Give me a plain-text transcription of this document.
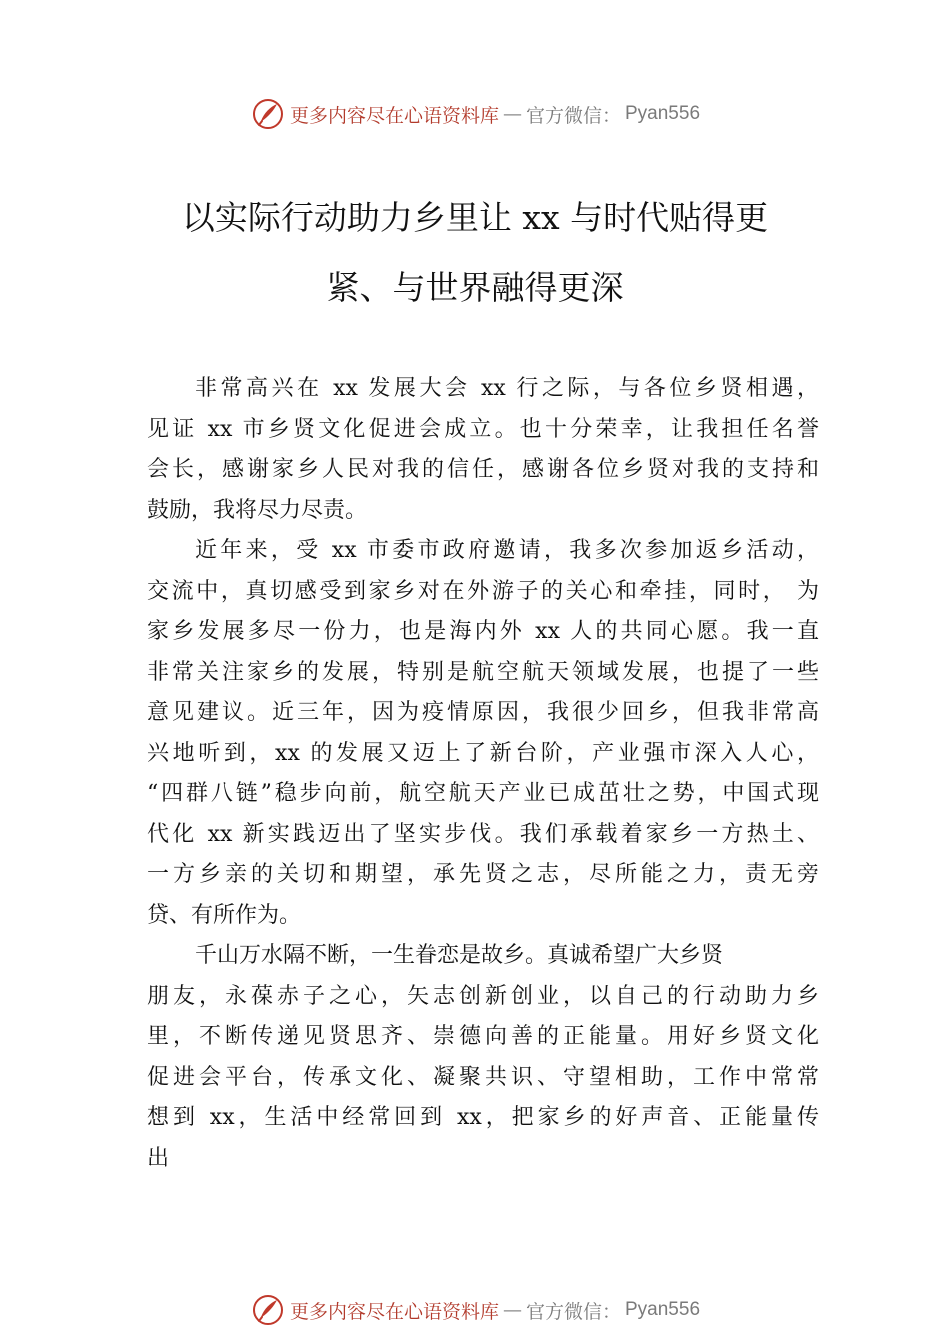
更多内容尽在心语资料库 — 官方微信： Pyan556
以实际行动助力乡里让 xx 与时代贴得更
紧、与世界融得更深
非常高兴在 xx 发展大会 xx 行之际，与各位乡贤相遇，
见证 xx 市乡贤文化促进会成立。也十分荣幸，让我担任名誉
会长，感谢家乡人民对我的信任，感谢各位乡贤对我的支持和
鼓励，我将尽力尽责。
近年来，受 xx 市委市政府邀请，我多次参加返乡活动，
交流中，真切感受到家乡对在外游子的关心和牵挂，同时， 为
家乡发展多尽一份力，也是海内外 xx 人的共同心愿。我一直
非常关注家乡的发展，特别是航空航天领域发展，也提了一些
意见建议。近三年，因为疫情原因，我很少回乡，但我非常高
兴地听到，xx 的发展又迈上了新台阶，产业强市深入人心，
“四群八链”稳步向前，航空航天产业已成茁壮之势，中国式现
代化 xx 新实践迈出了坚实步伐。我们承载着家乡一方热土、
一方乡亲的关切和期望，承先贤之志，尽所能之力，责无旁
贷、有所作为。
千山万水隔不断，一生眷恋是故乡。真诚希望广大乡贤
朋友，永葆赤子之心，矢志创新创业，以自己的行动助力乡
里，不断传递见贤思齐、崇德向善的正能量。用好乡贤文化
促进会平台，传承文化、凝聚共识、守望相助，工作中常常
想到 xx，生活中经常回到 xx，把家乡的好声音、正能量传
出
更多内容尽在心语资料库 — 官方微信： Pyan556
